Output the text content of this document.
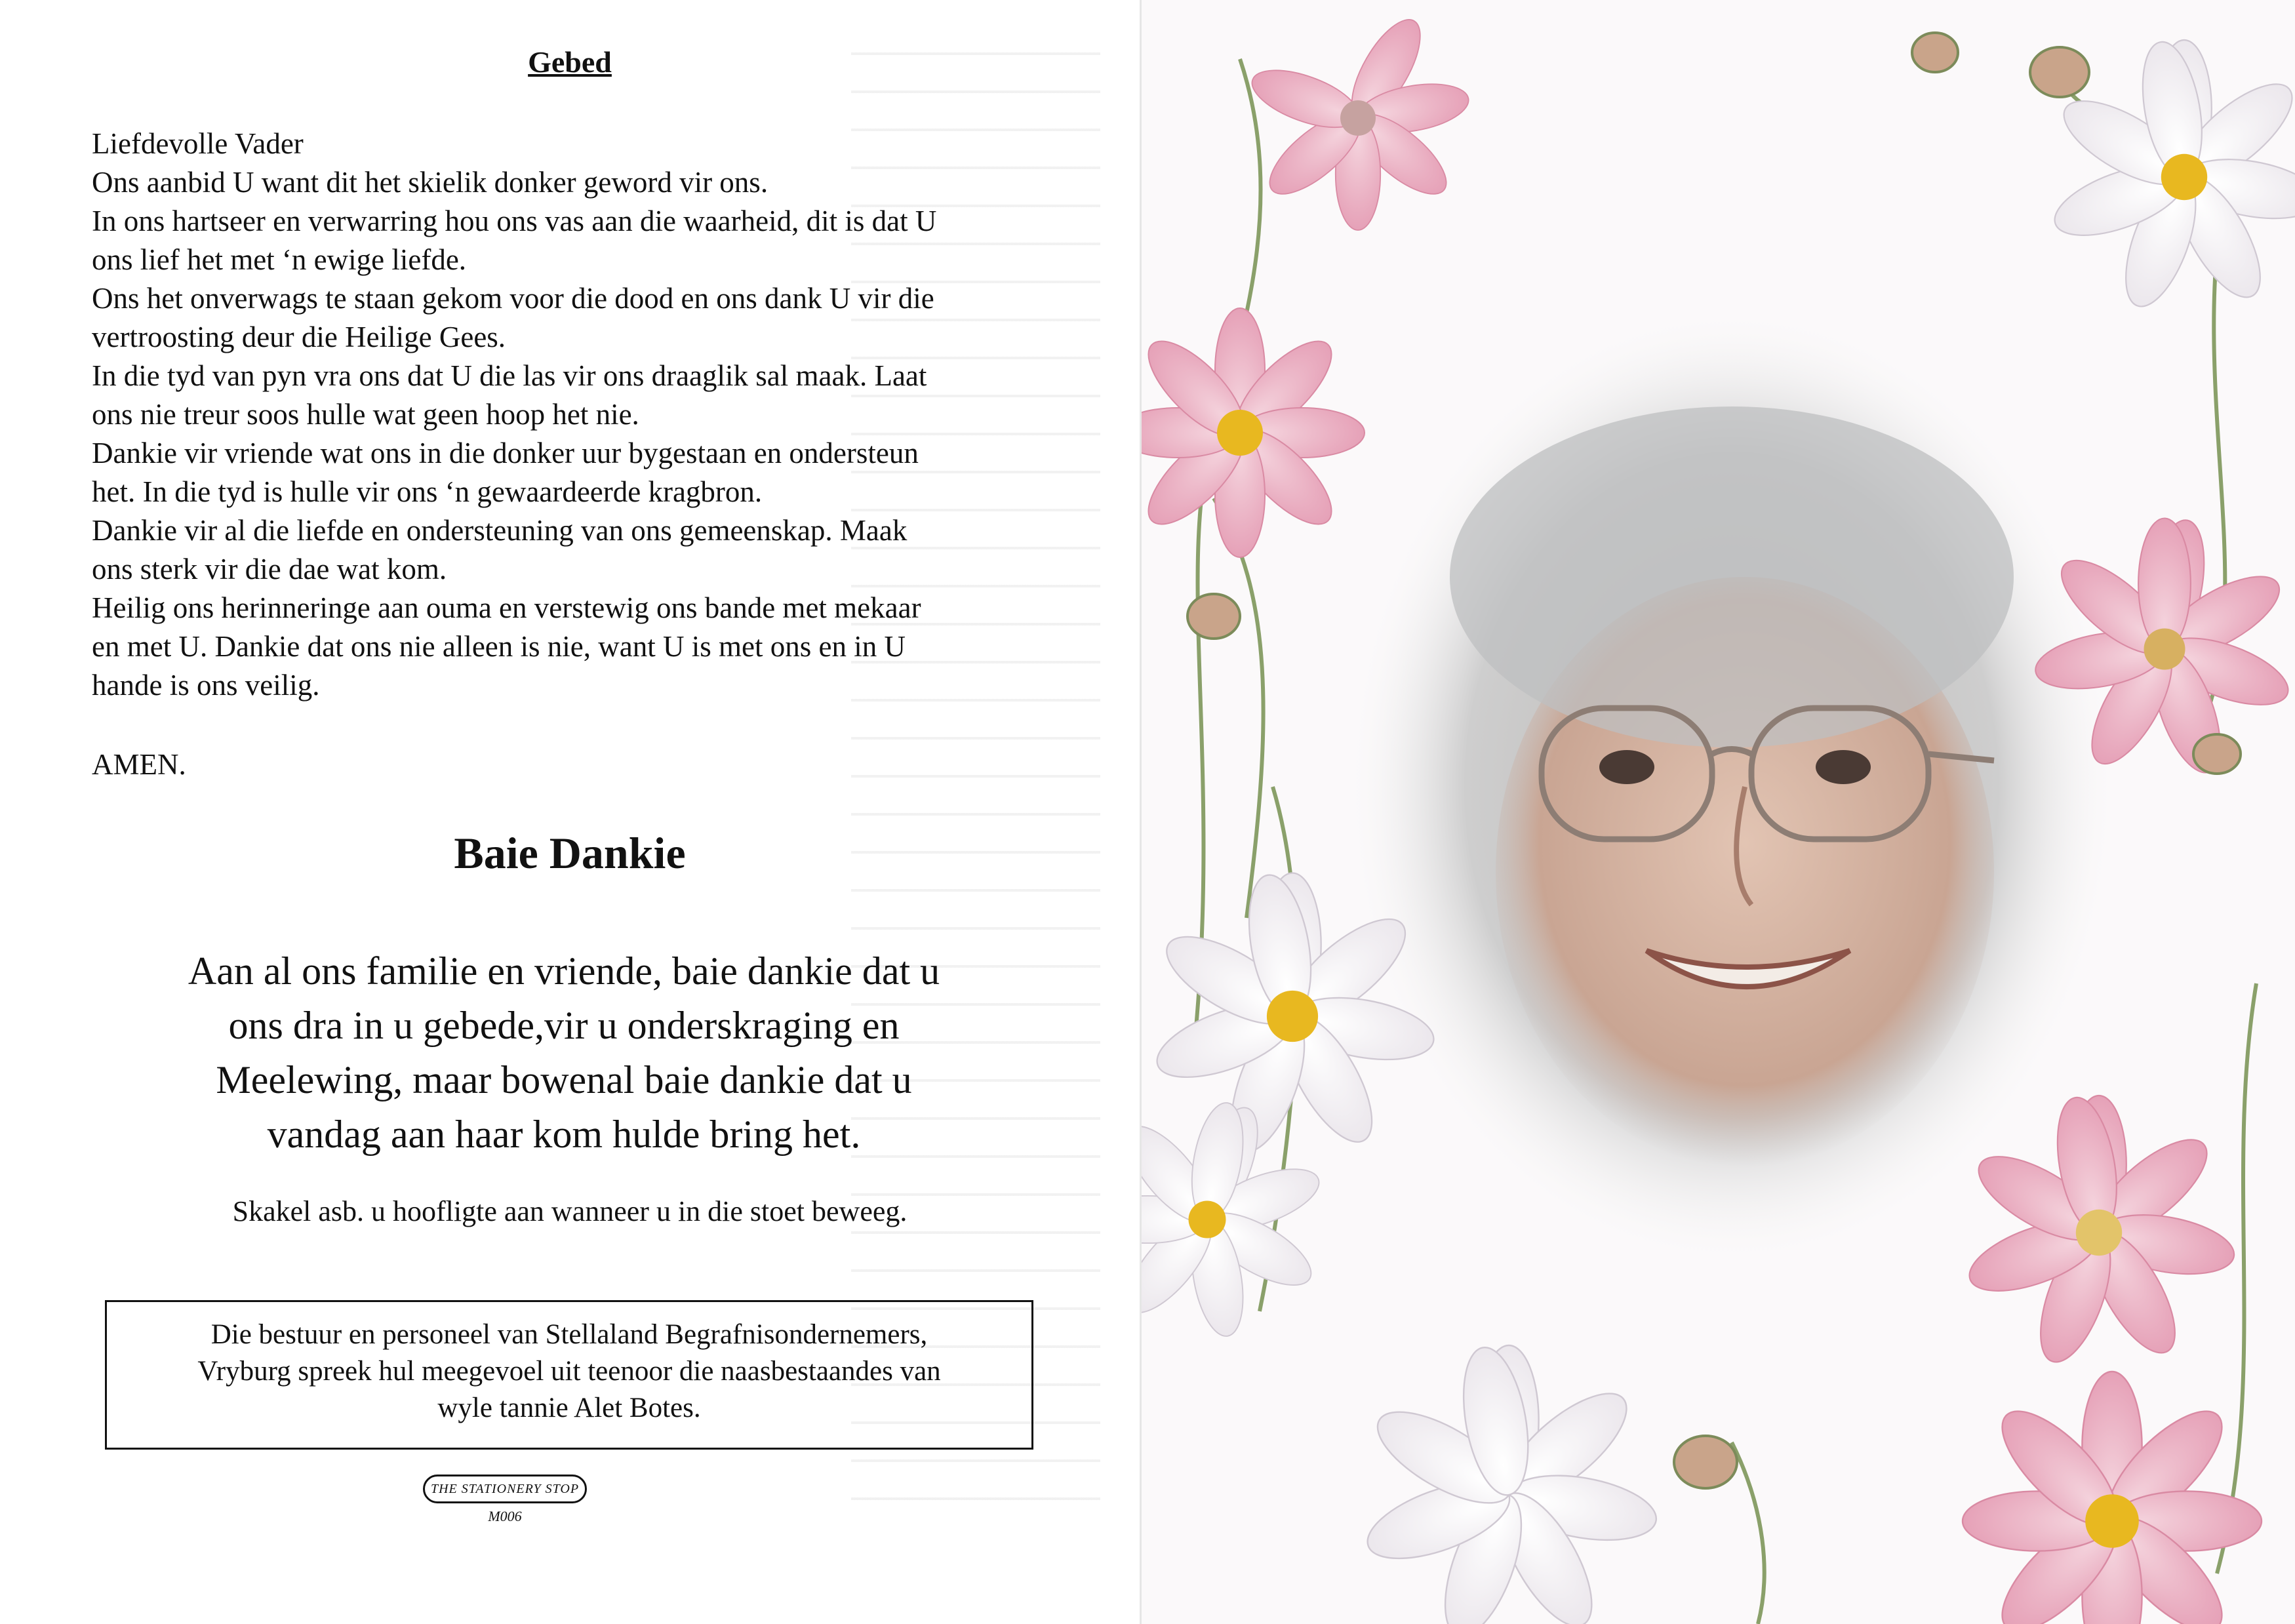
Gebed

Liefdevolle Vader

Ons aanbid U want dit het skielik donker geword vir ons.

In ons hartseer en verwarring hou ons vas aan die waarheid, dit is dat U

ons lief het met ‘n ewige liefde.

Ons het onverwags te staan gekom voor die dood en ons dank U vir die

vertroosting deur die Heilige Gees.

In die tyd van pyn vra ons dat U die las vir ons draaglik sal maak. Laat

ons nie treur soos hulle wat geen hoop het nie.

Dankie vir vriende wat ons in die donker uur bygestaan en ondersteun

het. In die tyd is hulle vir ons ‘n gewaardeerde kragbron.

Dankie vir al die liefde en ondersteuning van ons gemeenskap. Maak

ons sterk vir die dae wat kom.

Heilig ons herinneringe aan ouma en verstewig ons bande met mekaar

en met U. Dankie dat ons nie alleen is nie, want U is met ons en in U

hande is ons veilig.

AMEN.
Baie Dankie
Aan al ons familie en vriende, baie dankie dat u
ons dra in u gebede,vir u onderskraging en
Meelewing, maar bowenal baie dankie dat u
vandag aan haar kom hulde bring het.
Skakel asb. u hoofligte aan wanneer u in die stoet beweeg.
Die bestuur en personeel van Stellaland Begrafnisondernemers,
Vryburg spreek hul meegevoel uit teenoor die naasbestaandes van
wyle tannie Alet Botes.
THE STATIONERY STOP
M006
